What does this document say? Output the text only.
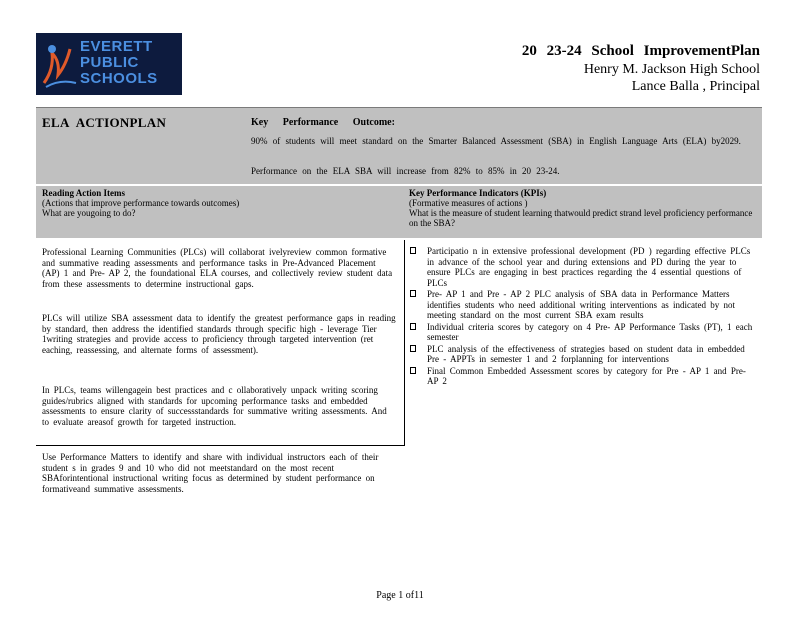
EVERETT
PUBLIC
SCHOOLS
20 23-24 School ImprovementPlan
Henry M. Jackson High School
Lance Balla , Principal
ELA ACTIONPLAN	Key Performance Outcome:
90% of students will meet standard on the Smarter Balanced Assessment (SBA) in English Language Arts (ELA) by2029.
Performance on the ELA SBA will increase from 82% to 85% in 20 23-24.
Reading Action Items
(Actions that improve performance towards outcomes)
What are yougoing to do?
Key Performance Indicators (KPIs)
(Formative measures of actions )
What is the measure of student learning thatwould predict strand level proficiency performance on the SBA?
Professional Learning Communities (PLCs) will collaborat ivelyreview common formative and summative reading assessments and performance tasks in Pre-Advanced Placement (AP) 1 and Pre- AP 2, the foundational ELA courses, and collectively review student data from these assessments to determine instructional gaps.
PLCs will utilize SBA assessment data to identify the greatest performance gaps in reading by standard, then address the identified standards through specific high - leverage Tier 1writing strategies and provide access to proficiency through targeted intervention (ret eaching, reassessing, and alternate forms of assessment).
In PLCs, teams willengagein best practices and c ollaboratively unpack writing scoring guides/rubrics aligned with standards for upcoming performance tasks and embedded assessments to ensure clarity of successstandards for summative writing assessments. And to evaluate areasof growth for targeted instruction.
Use Performance Matters to identify and share with individual instructors each of their student s in grades 9 and 10 who did not meetstandard on the most recent SBAforintentional instructional writing focus as determined by student performance on formativeand summative assessments.
Participatio n in extensive professional development (PD ) regarding effective PLCs in advance of the school year and during extensions and PD during the year to ensure PLCs are engaging in best practices regarding the 4 essential questions of PLCs
Pre- AP 1 and Pre - AP 2 PLC analysis of SBA data in Performance Matters identifies students who need additional writing interventions as indicated by not meeting standard on the most current SBA exam results
Individual criteria scores by category on 4 Pre- AP Performance Tasks (PT), 1 each semester
PLC analysis of the effectiveness of strategies based on student data in embedded Pre - APPTs in semester 1 and 2 forplanning for interventions
Final Common Embedded Assessment scores by category for Pre - AP 1 and Pre- AP 2
Page 1 of11
